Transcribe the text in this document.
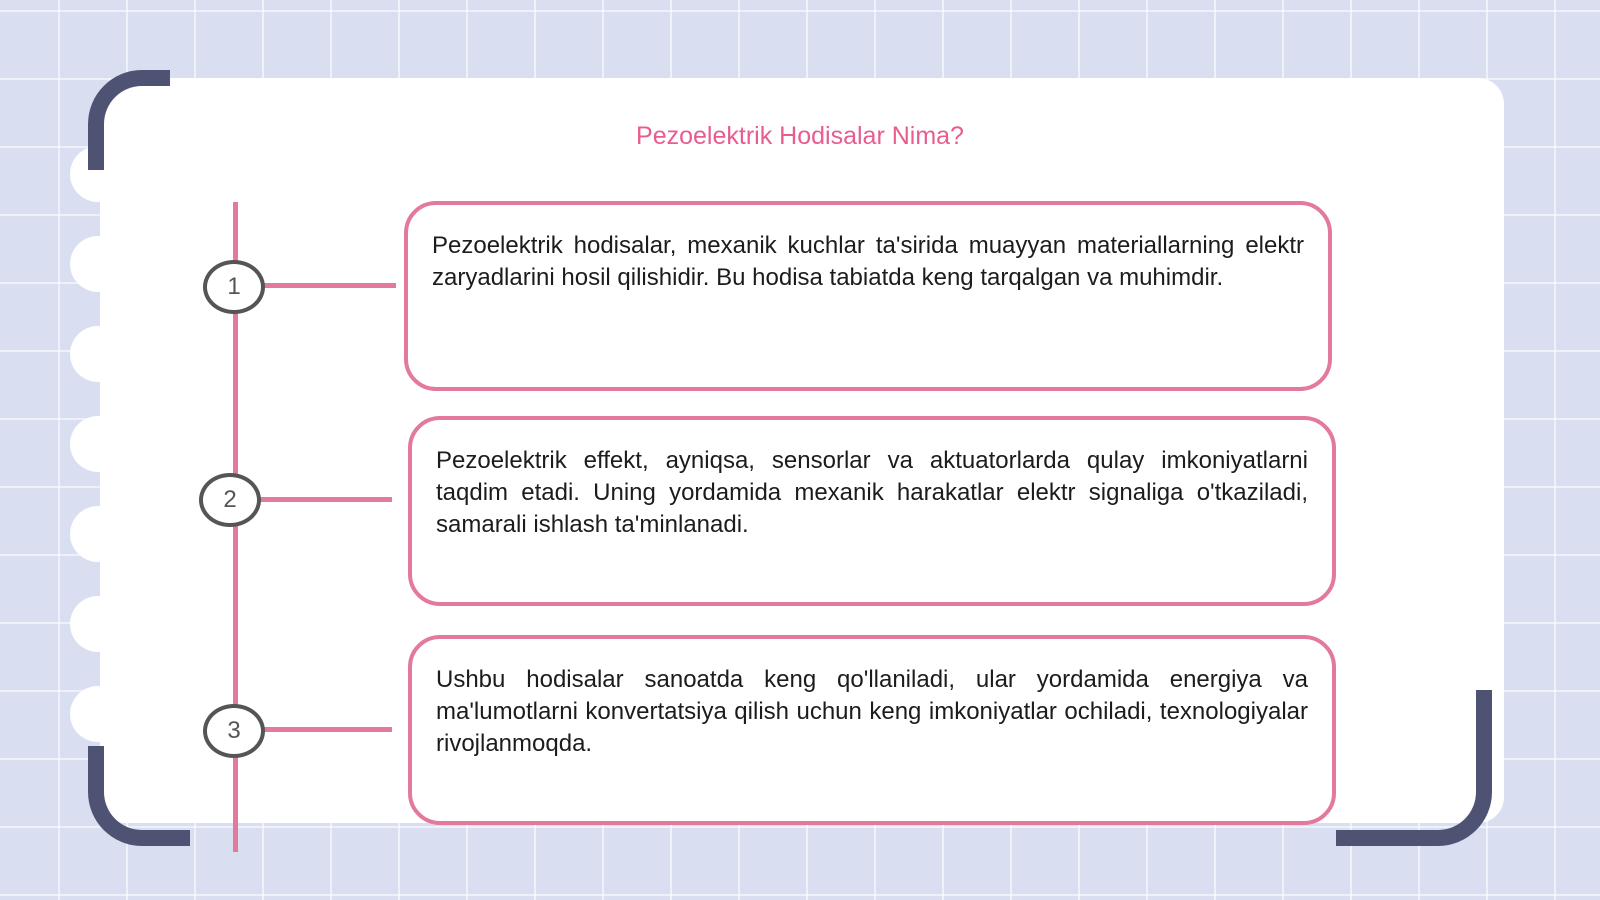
Pezoelektrik Hodisalar Nima?
1

Pezoelektrik hodisalar, mexanik kuchlar ta'sirida muayyan materiallarning elektr zaryadlarini hosil qilishidir. Bu hodisa tabiatda keng tarqalgan va muhimdir.

2

Pezoelektrik effekt, ayniqsa, sensorlar va aktuatorlarda qulay imkoniyatlarni taqdim etadi. Uning yordamida mexanik harakatlar elektr signaliga o'tkaziladi, samarali ishlash ta'minlanadi.

3

Ushbu hodisalar sanoatda keng qo'llaniladi, ular yordamida energiya va ma'lumotlarni konvertatsiya qilish uchun keng imkoniyatlar ochiladi, texnologiyalar rivojlanmoqda.
